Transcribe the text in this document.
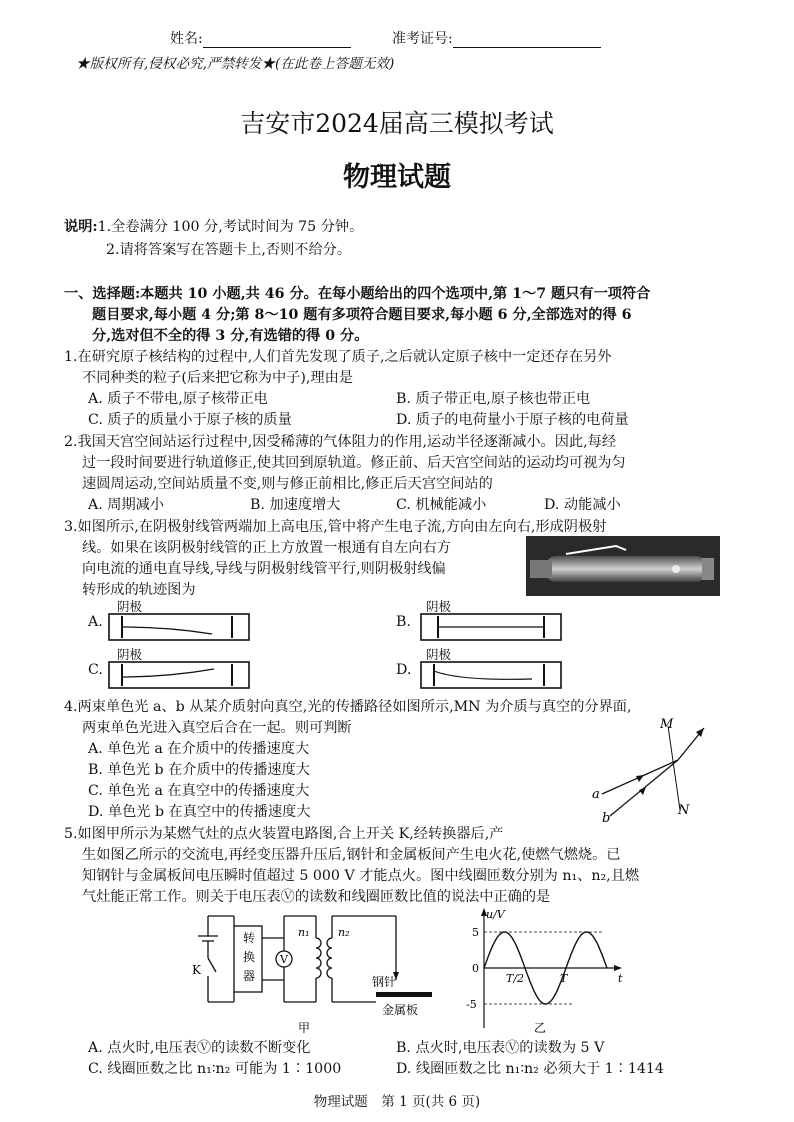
姓名:	准考证号:
★版权所有,侵权必究,严禁转发★(在此卷上答题无效)
吉安市2024届高三模拟考试
物理试题
说明:1.全卷满分 100 分,考试时间为 75 分钟。
2.请将答案写在答题卡上,否则不给分。
一、选择题:本题共 10 小题,共 46 分。在每小题给出的四个选项中,第 1～7 题只有一项符合
题目要求,每小题 4 分;第 8～10 题有多项符合题目要求,每小题 6 分,全部选对的得 6
分,选对但不全的得 3 分,有选错的得 0 分。
1.在研究原子核结构的过程中,人们首先发现了质子,之后就认定原子核中一定还存在另外
不同种类的粒子(后来把它称为中子),理由是
A. 质子不带电,原子核带正电	B. 质子带正电,原子核也带正电
C. 质子的质量小于原子核的质量	D. 质子的电荷量小于原子核的电荷量
2.我国天宫空间站运行过程中,因受稀薄的气体阻力的作用,运动半径逐渐减小。因此,每经
过一段时间要进行轨道修正,使其回到原轨道。修正前、后天宫空间站的运动均可视为匀
速圆周运动,空间站质量不变,则与修正前相比,修正后天宫空间站的
A. 周期减小	B. 加速度增大	C. 机械能减小	D. 动能减小
3.如图所示,在阴极射线管两端加上高电压,管中将产生电子流,方向由左向右,形成阴极射
线。如果在该阴极射线管的正上方放置一根通有自左向右方
向电流的通电直导线,导线与阴极射线管平行,则阴极射线偏
转形成的轨迹图为
A.
阴极
B.
阴极
C.
阴极
D.
阴极
4.两束单色光 a、b 从某介质射向真空,光的传播路径如图所示,MN 为介质与真空的分界面,
两束单色光进入真空后合在一起。则可判断
A. 单色光 a 在介质中的传播速度大
B. 单色光 b 在介质中的传播速度大
C. 单色光 a 在真空中的传播速度大
D. 单色光 b 在真空中的传播速度大
M
N
a
b
5.如图甲所示为某燃气灶的点火装置电路图,合上开关 K,经转换器后,产
生如图乙所示的交流电,再经变压器升压后,钢针和金属板间产生电火花,使燃气燃烧。已
知钢针与金属板间电压瞬时值超过 5 000 V 才能点火。图中线圈匝数分别为 n₁、n₂,且燃
气灶能正常工作。则关于电压表Ⓥ的读数和线圈匝数比值的说法中正确的是
V
转
换
器
K
n₁	n₂
钢针
金属板
甲
u/V
t
5
0
-5
T/2	T
乙
A. 点火时,电压表Ⓥ的读数不断变化	B. 点火时,电压表Ⓥ的读数为 5 V
C. 线圈匝数之比 n₁∶n₂ 可能为 1∶1000	D. 线圈匝数之比 n₁∶n₂ 必须大于 1∶1414
物理试题　第 1 页(共 6 页)
